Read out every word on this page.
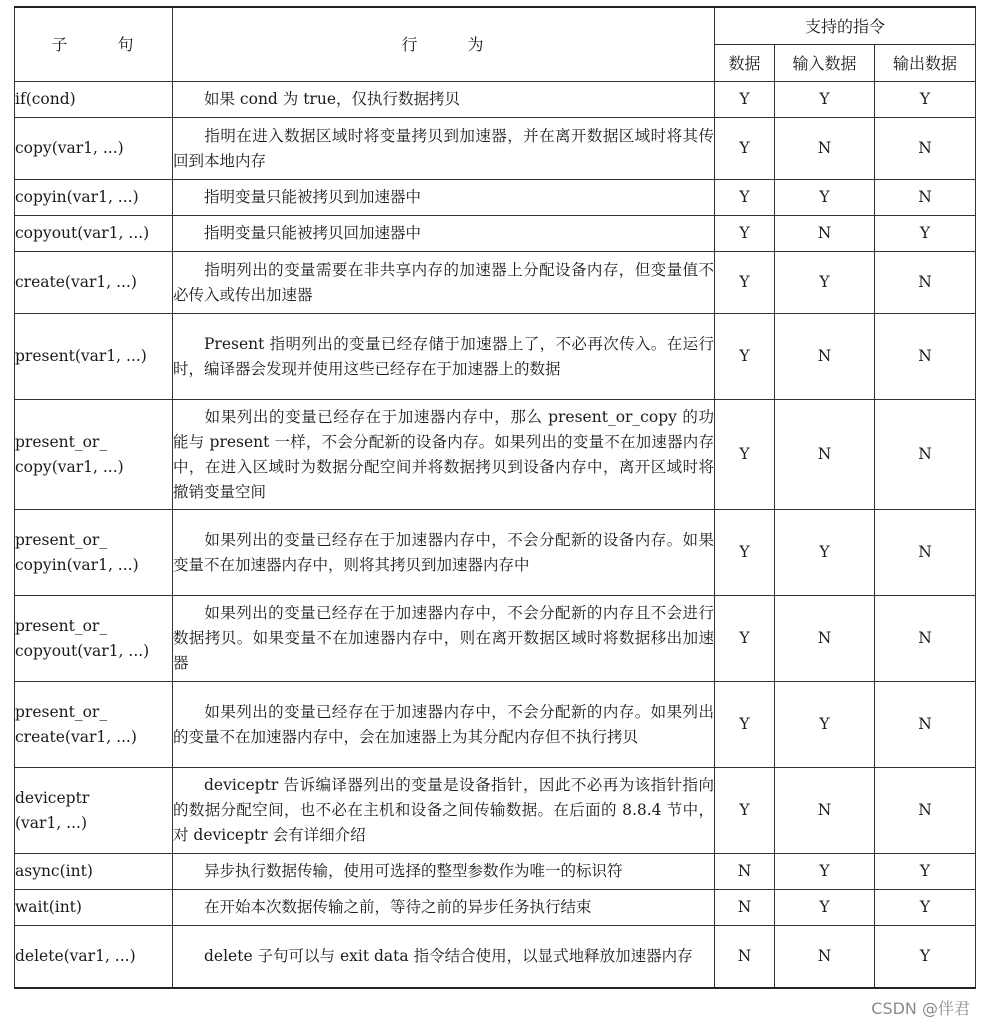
子 句	行 为	支持的指令		
		数据	输入数据	输出数据

if(cond)	如果 cond 为 true，仅执行数据拷贝	Y	Y	Y

copy(var1, ...)	指明在进入数据区域时将变量拷贝到加速器，并在离开数据区域时将其传回到本地内存	Y	N	N

copyin(var1, ...)	指明变量只能被拷贝到加速器中	Y	Y	N

copyout(var1, ...)	指明变量只能被拷贝回加速器中	Y	N	Y

create(var1, ...)	指明列出的变量需要在非共享内存的加速器上分配设备内存，但变量值不必传入或传出加速器	Y	Y	N

present(var1, ...)	Present 指明列出的变量已经存储于加速器上了，不必再次传入。在运行时，编译器会发现并使用这些已经存在于加速器上的数据	Y	N	N

present_or_
copy(var1, ...)	如果列出的变量已经存在于加速器内存中，那么 present_or_copy 的功能与 present 一样，不会分配新的设备内存。如果列出的变量不在加速器内存中，在进入区域时为数据分配空间并将数据拷贝到设备内存中，离开区域时将撤销变量空间	Y	N	N

present_or_
copyin(var1, ...)	如果列出的变量已经存在于加速器内存中，不会分配新的设备内存。如果变量不在加速器内存中，则将其拷贝到加速器内存中	Y	Y	N

present_or_
copyout(var1, ...)	如果列出的变量已经存在于加速器内存中，不会分配新的内存且不会进行数据拷贝。如果变量不在加速器内存中，则在离开数据区域时将数据移出加速器	Y	N	N

present_or_
create(var1, ...)	如果列出的变量已经存在于加速器内存中，不会分配新的内存。如果列出的变量不在加速器内存中，会在加速器上为其分配内存但不执行拷贝	Y	Y	N

deviceptr
(var1, ...)	deviceptr 告诉编译器列出的变量是设备指针，因此不必再为该指针指向的数据分配空间，也不必在主机和设备之间传输数据。在后面的 8.8.4 节中，对 deviceptr 会有详细介绍	Y	N	N

async(int)	异步执行数据传输，使用可选择的整型参数作为唯一的标识符	N	Y	Y

wait(int)	在开始本次数据传输之前，等待之前的异步任务执行结束	N	Y	Y

delete(var1, ...)	delete 子句可以与 exit data 指令结合使用，以显式地释放加速器内存	N	N	Y
CSDN @伴君
